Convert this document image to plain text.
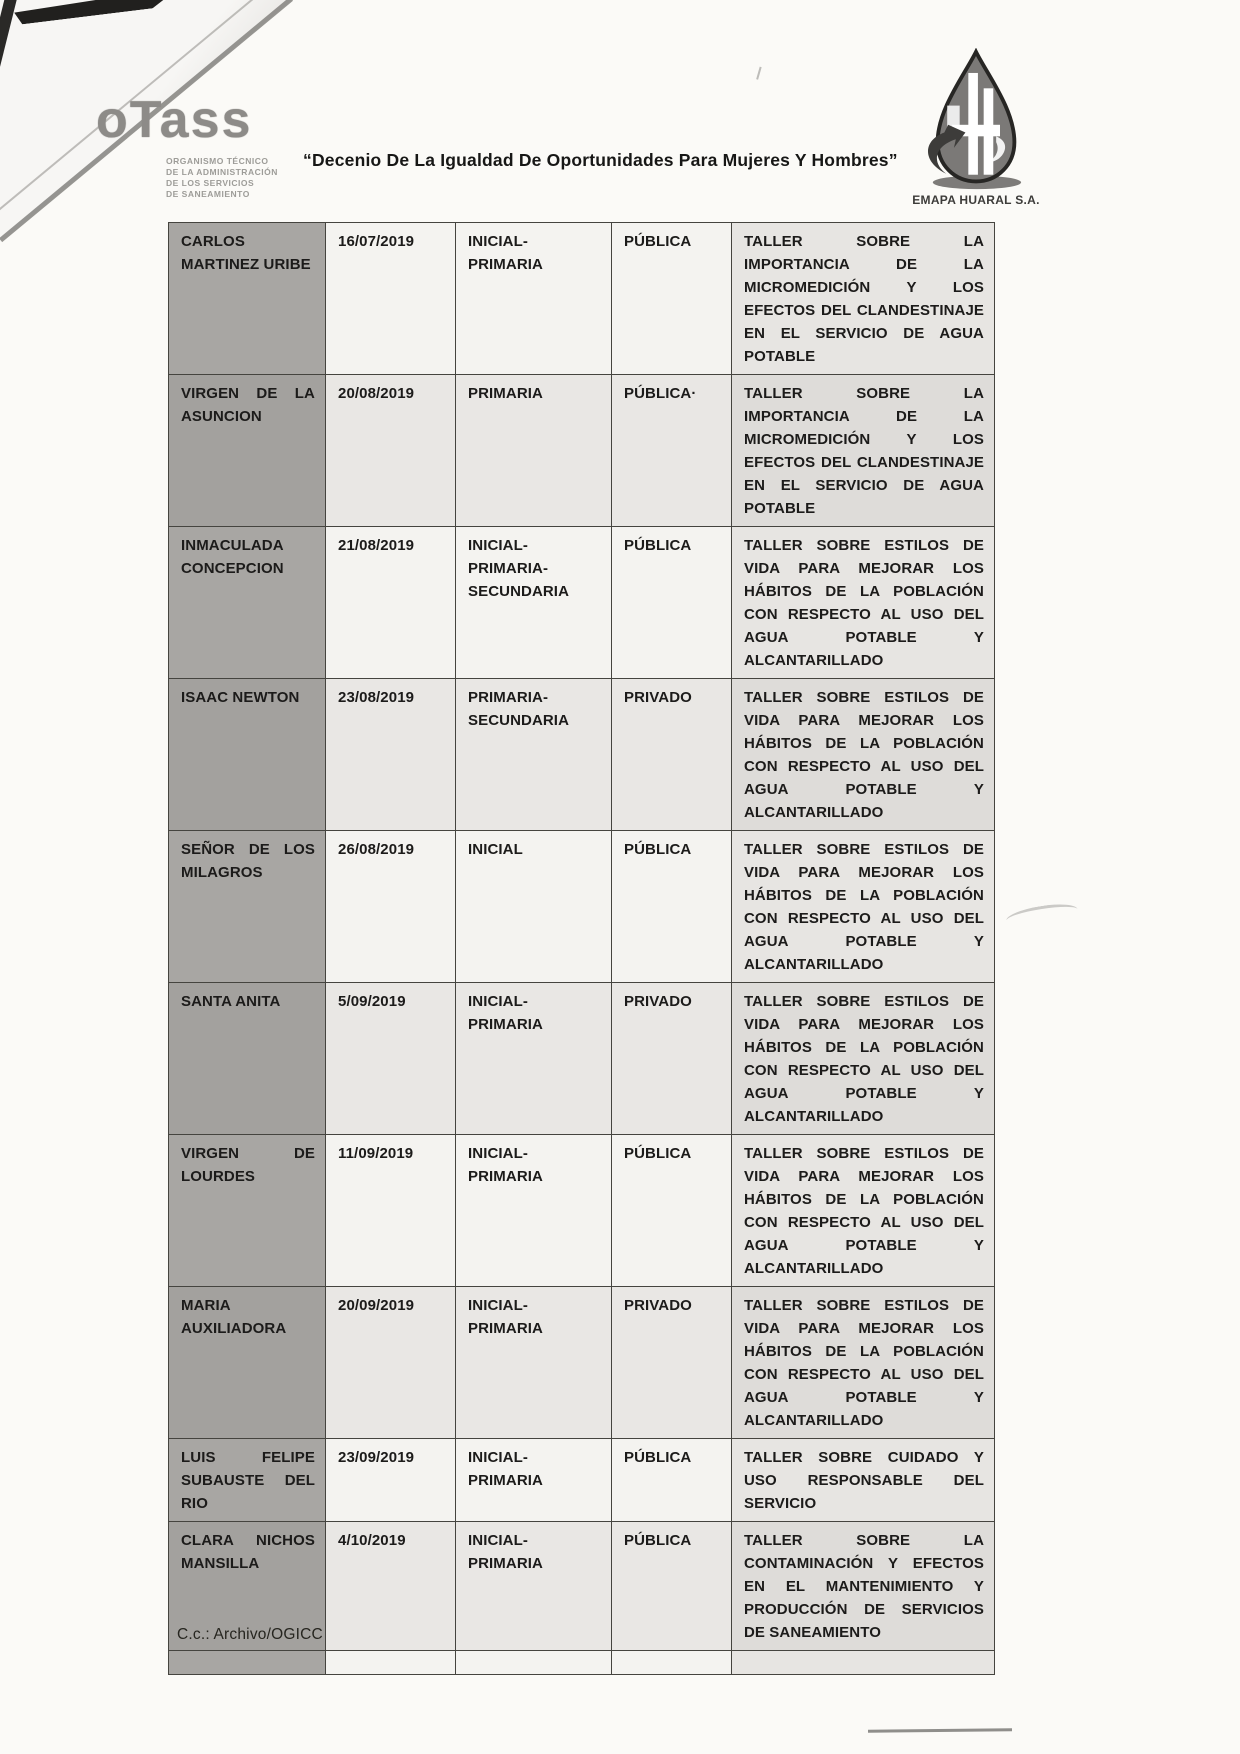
oTass
ORGANISMO TÉCNICO
DE LA ADMINISTRACIÓN
DE LOS SERVICIOS
DE SANEAMIENTO
“Decenio De La Igualdad De Oportunidades Para Mujeres Y Hombres”
EMAPA HUARAL S.A.
CARLOS MARTINEZ URIBE	16/07/2019	INICIAL-PRIMARIA	PÚBLICA	TALLER SOBRE LA IMPORTANCIA DE LA MICROMEDICIÓN Y LOS EFECTOS DEL CLANDESTINAJE EN EL SERVICIO DE AGUA POTABLE
VIRGEN DE LA ASUNCION	20/08/2019	PRIMARIA	PÚBLICA·	TALLER SOBRE LA IMPORTANCIA DE LA MICROMEDICIÓN Y LOS EFECTOS DEL CLANDESTINAJE EN EL SERVICIO DE AGUA POTABLE
INMACULADA CONCEPCION	21/08/2019	INICIAL-PRIMARIA-SECUNDARIA	PÚBLICA	TALLER SOBRE ESTILOS DE VIDA PARA MEJORAR LOS HÁBITOS DE LA POBLACIÓN CON RESPECTO AL USO DEL AGUA POTABLE Y ALCANTARILLADO
ISAAC NEWTON	23/08/2019	PRIMARIA-SECUNDARIA	PRIVADO	TALLER SOBRE ESTILOS DE VIDA PARA MEJORAR LOS HÁBITOS DE LA POBLACIÓN CON RESPECTO AL USO DEL AGUA POTABLE Y ALCANTARILLADO
SEÑOR DE LOS MILAGROS	26/08/2019	INICIAL	PÚBLICA	TALLER SOBRE ESTILOS DE VIDA PARA MEJORAR LOS HÁBITOS DE LA POBLACIÓN CON RESPECTO AL USO DEL AGUA POTABLE Y ALCANTARILLADO
SANTA ANITA	5/09/2019	INICIAL-PRIMARIA	PRIVADO	TALLER SOBRE ESTILOS DE VIDA PARA MEJORAR LOS HÁBITOS DE LA POBLACIÓN CON RESPECTO AL USO DEL AGUA POTABLE Y ALCANTARILLADO
VIRGEN DE LOURDES	11/09/2019	INICIAL-PRIMARIA	PÚBLICA	TALLER SOBRE ESTILOS DE VIDA PARA MEJORAR LOS HÁBITOS DE LA POBLACIÓN CON RESPECTO AL USO DEL AGUA POTABLE Y ALCANTARILLADO
MARIA AUXILIADORA	20/09/2019	INICIAL-PRIMARIA	PRIVADO	TALLER SOBRE ESTILOS DE VIDA PARA MEJORAR LOS HÁBITOS DE LA POBLACIÓN CON RESPECTO AL USO DEL AGUA POTABLE Y ALCANTARILLADO
LUIS FELIPE SUBAUSTE DEL RIO	23/09/2019	INICIAL-PRIMARIA	PÚBLICA	TALLER SOBRE CUIDADO Y USO RESPONSABLE DEL SERVICIO
CLARA NICHOS MANSILLA	4/10/2019	INICIAL-PRIMARIA	PÚBLICA	TALLER SOBRE LA CONTAMINACIÓN Y EFECTOS EN EL MANTENIMIENTO Y PRODUCCIÓN DE SERVICIOS DE SANEAMIENTO

C.c.: Archivo/OGICC
